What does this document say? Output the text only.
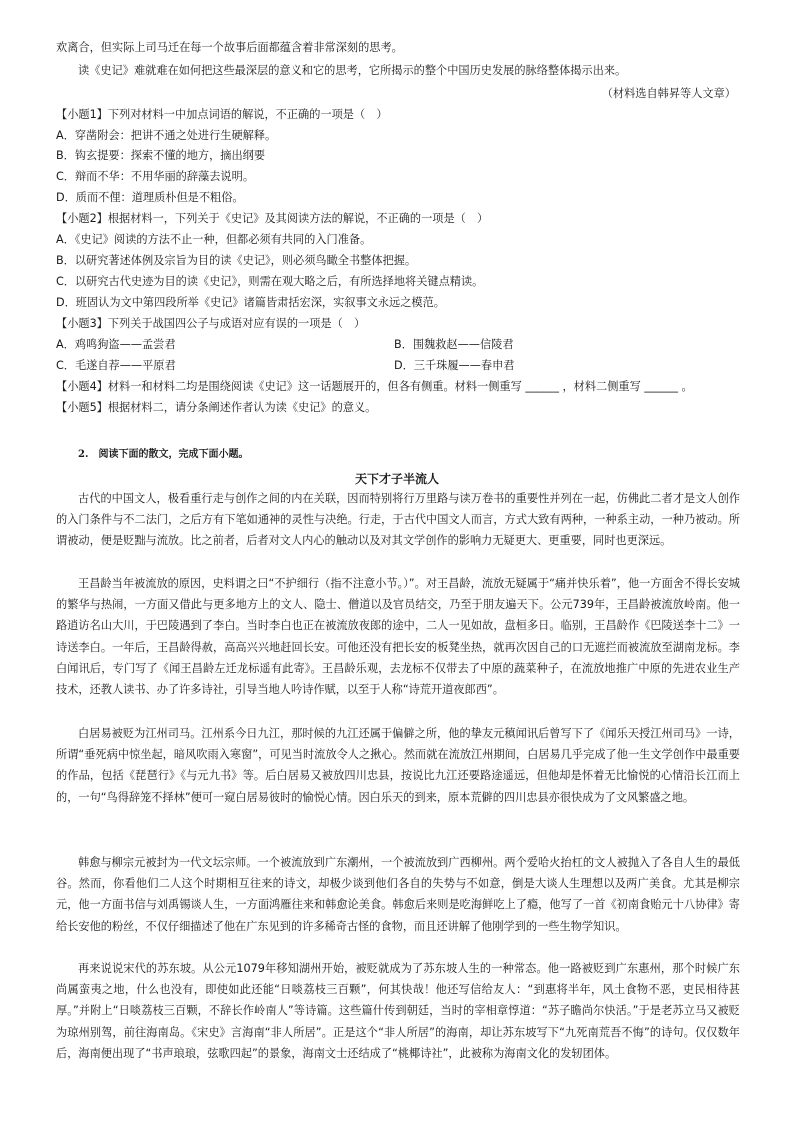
欢离合，但实际上司马迁在每一个故事后面都蕴含着非常深刻的思考。
读《史记》难就难在如何把这些最深层的意义和它的思考，它所揭示的整个中国历史发展的脉络整体揭示出来。
（材料选自韩昇等人文章）
【小题1】下列对材料一中加点词语的解说，不正确的一项是（　）
A．穿凿附会：把讲不通之处进行生硬解释。
B．钩玄提要：探索不懂的地方，摘出纲要
C．辩而不华：不用华丽的辞藻去说明。
D．质而不俚：道理质朴但是不粗俗。
【小题2】根据材料一，下列关于《史记》及其阅读方法的解说，不正确的一项是（　）
A．《史记》阅读的方法不止一种，但都必须有共同的入门准备。
B．以研究著述体例及宗旨为目的读《史记》，则必须鸟瞰全书整体把握。
C．以研究古代史迹为目的读《史记》，则需在观大略之后，有所选择地将关键点精读。
D．班固认为文中第四段所举《史记》诸篇皆肃括宏深，实叙事文永远之模范。
【小题3】下列关于战国四公子与成语对应有误的一项是（　）
A．鸡鸣狗盗——孟尝君	B．围魏救赵——信陵君
C．毛遂自荐——平原君	D．三千珠履——春申君
【小题4】材料一和材料二均是围绕阅读《史记》这一话题展开的，但各有侧重。材料一侧重写 ______ ，材料二侧重写 ______ 。
【小题5】根据材料二，请分条阐述作者认为读《史记》的意义。
2.　阅读下面的散文，完成下面小题。
天下才子半流人
古代的中国文人，极看重行走与创作之间的内在关联，因而特别将行万里路与读万卷书的重要性并列在一起，仿佛此二者才是文人创作的入门条件与不二法门，之后方有下笔如通神的灵性与决绝。行走，于古代中国文人而言，方式大致有两种，一种系主动，一种乃被动。所谓被动，便是贬黜与流放。比之前者，后者对文人内心的触动以及对其文学创作的影响力无疑更大、更重要，同时也更深远。
王昌龄当年被流放的原因，史料谓之曰“不护细行（指不注意小节。）”。对王昌龄，流放无疑属于“痛并快乐着”，他一方面舍不得长安城的繁华与热闹，一方面又借此与更多地方上的文人、隐士、僧道以及官员结交，乃至于朋友遍天下。公元739年，王昌龄被流放岭南。他一路逍访名山大川，于巴陵遇到了李白。当时李白也正在被流放夜郎的途中，二人一见如故，盘桓多日。临别，王昌龄作《巴陵送李十二》一诗送李白。一年后，王昌龄得赦，高高兴兴地赶回长安。可他还没有把长安的板凳坐热，就再次因自己的口无遮拦而被流放至湖南龙标。李白闻讯后，专门写了《闻王昌龄左迁龙标遥有此寄》。王昌龄乐观，去龙标不仅带去了中原的蔬菜种子，在流放地推广中原的先进农业生产技术，还教人读书、办了许多诗社，引导当地人吟诗作赋，以至于人称“诗荒开道夜郎西”。
白居易被贬为江州司马。江州系今日九江，那时候的九江还属于偏僻之所，他的挚友元稹闻讯后曾写下了《闻乐天授江州司马》一诗，所谓“垂死病中惊坐起，暗风吹雨入寒窗”，可见当时流放令人之揪心。然而就在流放江州期间，白居易几乎完成了他一生文学创作中最重要的作品，包括《琵琶行》《与元九书》等。后白居易又被放四川忠县，按说比九江还要路途遥远，但他却是怀着无比愉悦的心情沿长江而上的，一句“鸟得辞笼不择林”便可一窥白居易彼时的愉悦心情。因白乐天的到来，原本荒僻的四川忠县亦很快成为了文风繁盛之地。
韩愈与柳宗元被封为一代文坛宗师。一个被流放到广东潮州，一个被流放到广西柳州。两个爱哈火抬杠的文人被抛入了各自人生的最低谷。然而，你看他们二人这个时期相互往来的诗文，却极少谈到他们各自的失势与不如意，倒是大谈人生理想以及两广美食。尤其是柳宗元，他一方面书信与刘禹锡谈人生，一方面鸿雁往来和韩愈论美食。韩愈后来则是吃海鲜吃上了瘾，他写了一首《初南食贻元十八协律》寄给长安他的粉丝，不仅仔细描述了他在广东见到的许多稀奇古怪的食物，而且还讲解了他刚学到的一些生物学知识。
再来说说宋代的苏东坡。从公元1079年移知湖州开始，被贬就成为了苏东坡人生的一种常态。他一路被贬到广东惠州，那个时候广东尚属蛮夷之地，什么也没有，即使如此还能“日啖荔枝三百颗”，何其快哉！他还写信给友人：“到惠将半年，风土食物不恶，吏民相待甚厚。”并附上“日啖荔枝三百颗，不辞长作岭南人”等诗篇。这些篇什传到朝廷，当时的宰相章惇道：“苏子瞻尚尔快活。”于是老苏立马又被贬为琼州别驾，前往海南岛。《宋史》言海南“非人所居”。正是这个“非人所居”的海南，却让苏东坡写下“九死南荒吾不悔”的诗句。仅仅数年后，海南便出现了“书声琅琅，弦歌四起”的景象，海南文士还结成了“桃椰诗社”，此被称为海南文化的发轫团体。
